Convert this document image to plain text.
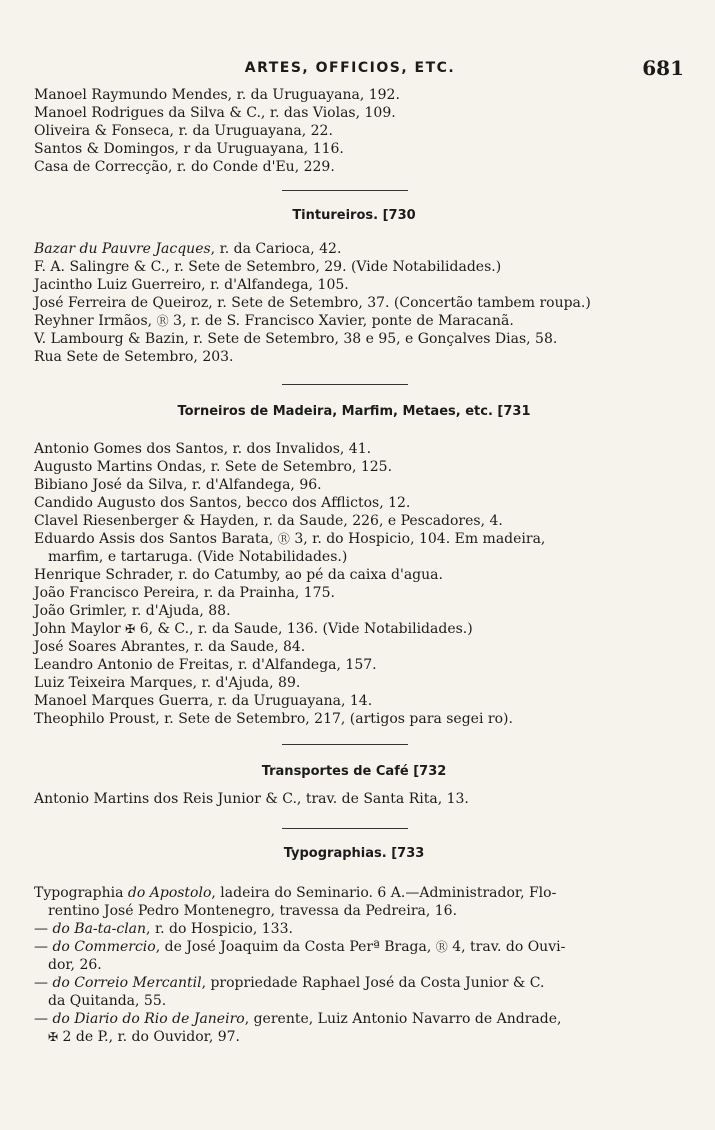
ARTES, OFFICIOS, ETC.	681
Manoel Raymundo Mendes, r. da Uruguayana, 192.
Manoel Rodrigues da Silva & C., r. das Violas, 109.
Oliveira & Fonseca, r. da Uruguayana, 22.
Santos & Domingos, r da Uruguayana, 116.
Casa de Correcção, r. do Conde d'Eu, 229.
Tintureiros. [730
Bazar du Pauvre Jacques, r. da Carioca, 42.
F. A. Salingre & C., r. Sete de Setembro, 29. (Vide Notabilidades.)
Jacintho Luiz Guerreiro, r. d'Alfandega, 105.
José Ferreira de Queiroz, r. Sete de Setembro, 37. (Concertão tambem roupa.)
Reyhner Irmãos, Ⓡ 3, r. de S. Francisco Xavier, ponte de Maracanã.
V. Lambourg & Bazin, r. Sete de Setembro, 38 e 95, e Gonçalves Dias, 58.
Rua Sete de Setembro, 203.
Torneiros de Madeira, Marfim, Metaes, etc. [731
Antonio Gomes dos Santos, r. dos Invalidos, 41.
Augusto Martins Ondas, r. Sete de Setembro, 125.
Bibiano José da Silva, r. d'Alfandega, 96.
Candido Augusto dos Santos, becco dos Afflictos, 12.
Clavel Riesenberger & Hayden, r. da Saude, 226, e Pescadores, 4.
Eduardo Assis dos Santos Barata, Ⓡ 3, r. do Hospicio, 104. Em madeira,
marfim, e tartaruga. (Vide Notabilidades.)
Henrique Schrader, r. do Catumby, ao pé da caixa d'agua.
João Francisco Pereira, r. da Prainha, 175.
João Grimler, r. d'Ajuda, 88.
John Maylor ✠ 6, & C., r. da Saude, 136. (Vide Notabilidades.)
José Soares Abrantes, r. da Saude, 84.
Leandro Antonio de Freitas, r. d'Alfandega, 157.
Luiz Teixeira Marques, r. d'Ajuda, 89.
Manoel Marques Guerra, r. da Uruguayana, 14.
Theophilo Proust, r. Sete de Setembro, 217, (artigos para segei ro).
Transportes de Café [732
Antonio Martins dos Reis Junior & C., trav. de Santa Rita, 13.
Typographias. [733
Typographia do Apostolo, ladeira do Seminario. 6 A.—Administrador, Flo-
rentino José Pedro Montenegro, travessa da Pedreira, 16.
— do Ba-ta-clan, r. do Hospicio, 133.
— do Commercio, de José Joaquim da Costa Perª Braga, Ⓡ 4, trav. do Ouvi-
dor, 26.
— do Correio Mercantil, propriedade Raphael José da Costa Junior & C.
da Quitanda, 55.
— do Diario do Rio de Janeiro, gerente, Luiz Antonio Navarro de Andrade,
✠ 2 de P., r. do Ouvidor, 97.
